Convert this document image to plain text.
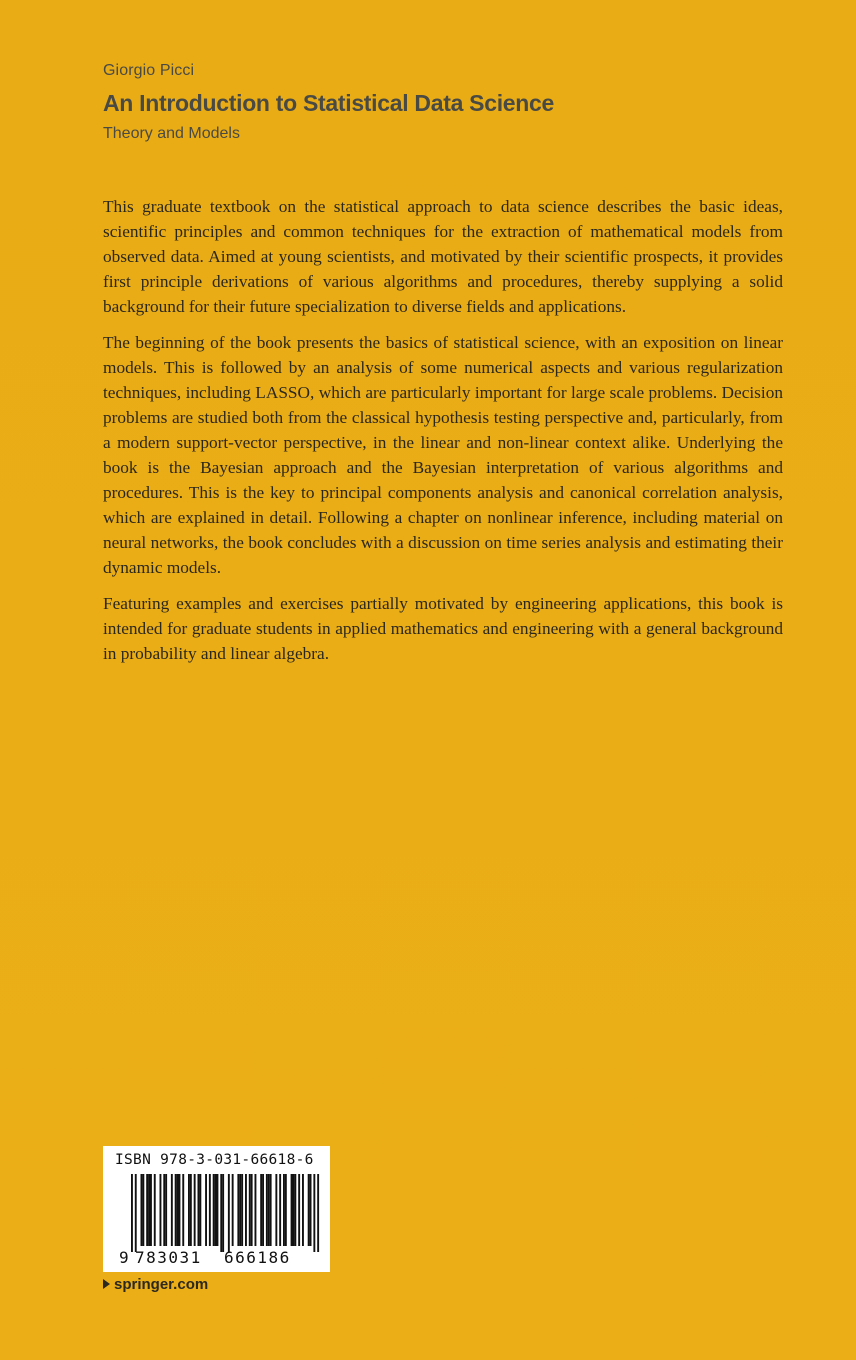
Giorgio Picci
An Introduction to Statistical Data Science
Theory and Models

This graduate textbook on the statistical approach to data science describes the basic ideas, scientific principles and common techniques for the extraction of mathematical models from observed data. Aimed at young scientists, and motivated by their scientific prospects, it provides first principle derivations of various algorithms and procedures, thereby supplying a solid background for their future specialization to diverse fields and applications.

The beginning of the book presents the basics of statistical science, with an exposition on linear models. This is followed by an analysis of some numerical aspects and various regularization techniques, including LASSO, which are particularly important for large scale problems. Decision problems are studied both from the classical hypothesis testing perspective and, particularly, from a modern support-vector perspective, in the linear and non-linear context alike. Underlying the book is the Bayesian approach and the Bayesian interpretation of various algorithms and procedures. This is the key to principal components analysis and canonical correlation analysis, which are explained in detail. Following a chapter on nonlinear inference, including material on neural networks, the book concludes with a discussion on time series analysis and estimating their dynamic models.

Featuring examples and exercises partially motivated by engineering applications, this book is intended for graduate students in applied mathematics and engineering with a general background in probability and linear algebra.

ISBN 978-3-031-66618-6
9 783031 666186
springer.com
